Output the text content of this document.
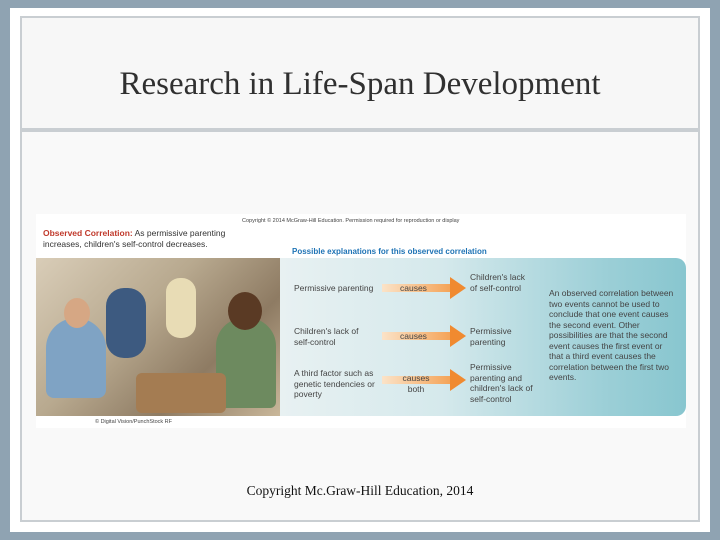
Research in Life-Span Development
Copyright © 2014 McGraw-Hill Education. Permission required for reproduction or display
Observed Correlation: As permissive parenting increases, children's self-control decreases.
© Digital Vision/PunchStock RF
Possible explanations for this observed correlation
Permissive parenting	causes
Children's lack of self-control
Children's lack of self-control
causes	Permissive parenting
A third factor such as genetic tendencies or poverty
causes both
Permissive parenting and children's lack of self-control
An observed correlation between two events cannot be used to conclude that one event causes the second event. Other possibilities are that the second event causes the first event or that a third event causes the correlation between the first two events.
Copyright Mc.Graw-Hill Education, 2014
